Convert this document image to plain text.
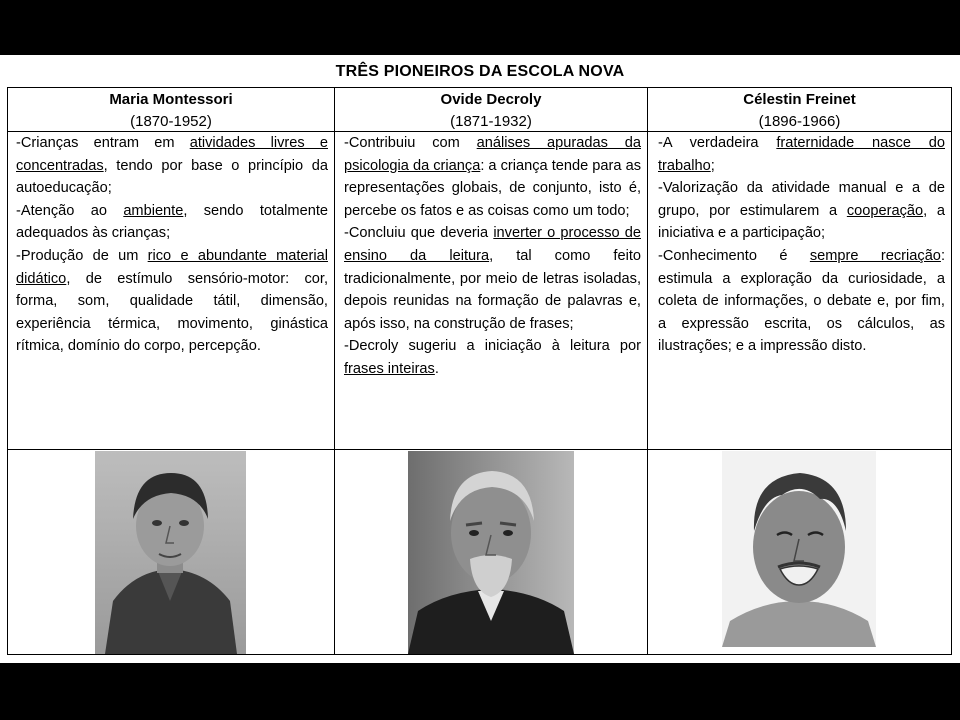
TRÊS PIONEIROS DA ESCOLA NOVA
Maria Montessori
(1870-1952)
Ovide Decroly
(1871-1932)
Célestin Freinet
(1896-1966)

-Crianças entram em atividades livres e concentradas, tendo por base o princípio da autoeducação;

-Atenção ao ambiente, sendo totalmente adequados às crianças;

-Produção de um rico e abundante material didático, de estímulo sensório-motor: cor, forma, som, qualidade tátil, dimensão, experiência térmica, movimento, ginástica rítmica, domínio do corpo, percepção.

-Contribuiu com análises apuradas da psicologia da criança: a criança tende para as representações globais, de conjunto, isto é, percebe os fatos e as coisas como um todo;

-Concluiu que deveria inverter o processo de ensino da leitura, tal como feito tradicionalmente, por meio de letras isoladas, depois reunidas na formação de palavras e, após isso, na construção de frases;

-Decroly sugeriu a iniciação à leitura por frases inteiras.

-A verdadeira fraternidade nasce do trabalho;

-Valorização da atividade manual e a de grupo, por estimularem a cooperação, a iniciativa e a participação;

-Conhecimento é sempre recriação: estimula a exploração da curiosidade, a coleta de informações, o debate e, por fim, a expressão escrita, os cálculos, as ilustrações; e a impressão disto.
